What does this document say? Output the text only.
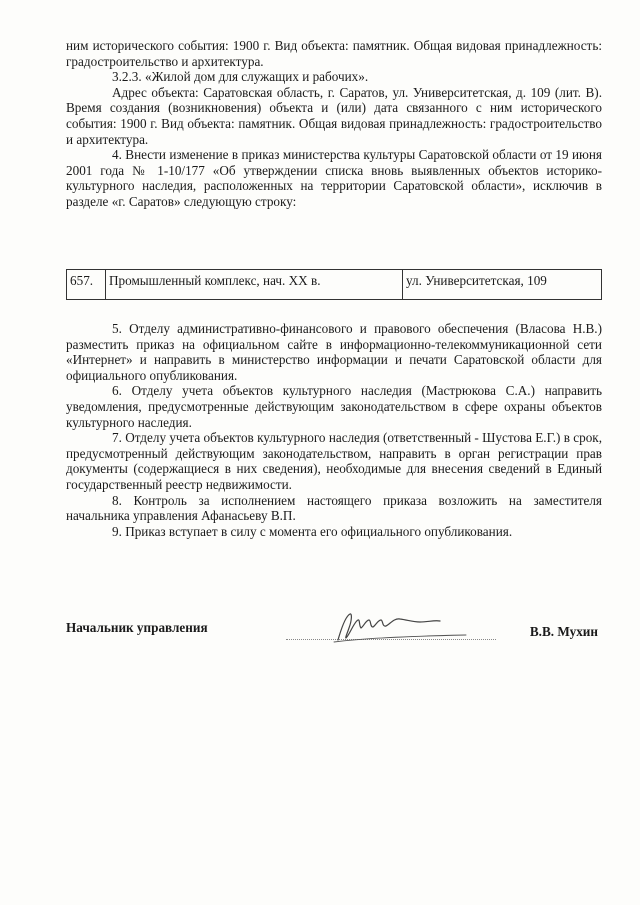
ним исторического события: 1900 г. Вид объекта: памятник. Общая видовая принадлежность: градостроительство и архитектура.

3.2.3. «Жилой дом для служащих и рабочих».

Адрес объекта: Саратовская область, г. Саратов, ул. Университетская, д. 109 (лит. В). Время создания (возникновения) объекта и (или) дата связанного с ним исторического события: 1900 г. Вид объекта: памятник. Общая видовая принадлежность: градостроительство и архитектура.

4. Внести изменение в приказ министерства культуры Саратовской области от 19 июня 2001 года № 1-10/177 «Об утверждении списка вновь выявленных объектов историко-культурного наследия, расположенных на территории Саратовской области», исключив в разделе «г. Саратов» следующую строку:

657.	Промышленный комплекс, нач. XX в.	ул. Университетская, 109

5. Отделу административно-финансового и правового обеспечения (Власова Н.В.) разместить приказ на официальном сайте в информационно-телекоммуникационной сети «Интернет» и направить в министерство информации и печати Саратовской области для официального опубликования.

6. Отделу учета объектов культурного наследия (Мастрюкова С.А.) направить уведомления, предусмотренные действующим законодательством в сфере охраны объектов культурного наследия.

7. Отделу учета объектов культурного наследия (ответственный - Шустова Е.Г.) в срок, предусмотренный действующим законодательством, направить в орган регистрации прав документы (содержащиеся в них сведения), необходимые для внесения сведений в Единый государственный реестр недвижимости.

8. Контроль за исполнением настоящего приказа возложить на заместителя начальника управления Афанасьеву В.П.

9. Приказ вступает в силу с момента его официального опубликования.

Начальник управления	В.В. Мухин
